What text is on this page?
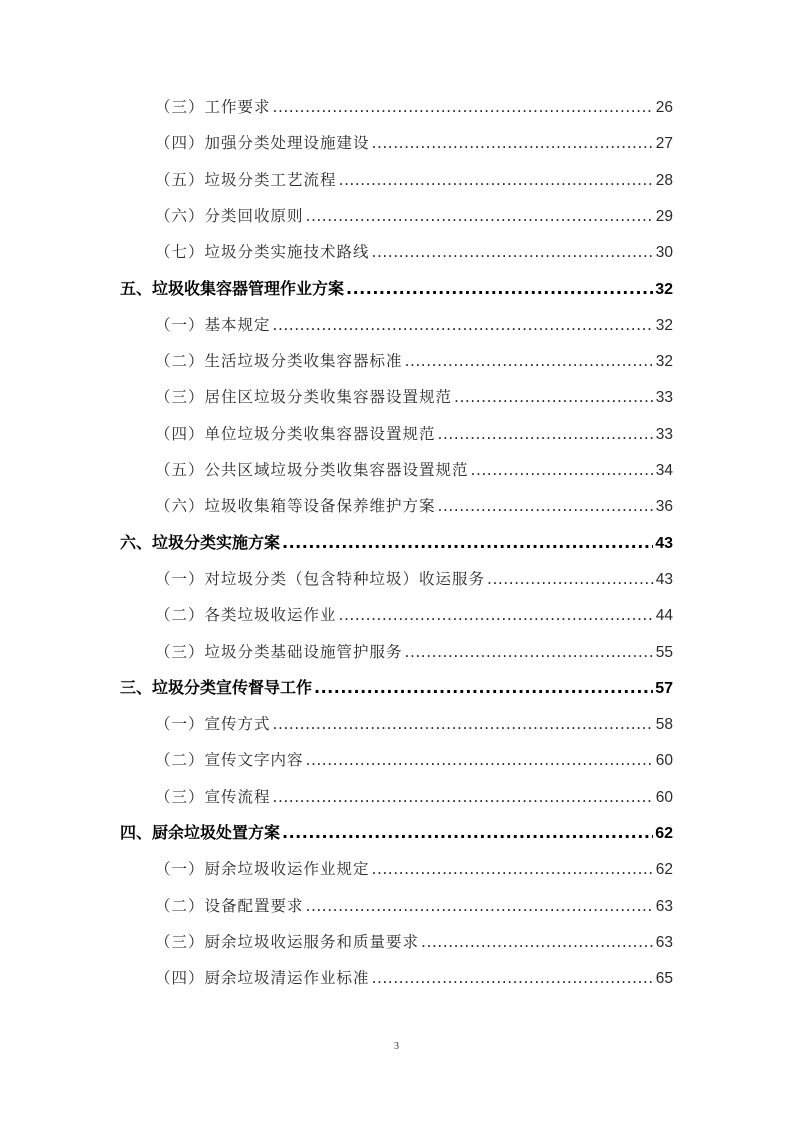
（三）工作要求 .....	26
（四）加强分类处理设施建设 .....	27
（五）垃圾分类工艺流程 .....	28
（六）分类回收原则 .....	29
（七）垃圾分类实施技术路线 .....	30
五、垃圾收集容器管理作业方案 .....	32
（一）基本规定 .....	32
（二）生活垃圾分类收集容器标准 .....	32
（三）居住区垃圾分类收集容器设置规范 .....	33
（四）单位垃圾分类收集容器设置规范 .....	33
（五）公共区域垃圾分类收集容器设置规范 .....	34
（六）垃圾收集箱等设备保养维护方案 .....	36
六、垃圾分类实施方案 .....	43
（一）对垃圾分类（包含特种垃圾）收运服务 .....	43
（二）各类垃圾收运作业 .....	44
（三）垃圾分类基础设施管护服务 .....	55
三、垃圾分类宣传督导工作 .....	57
（一）宣传方式 .....	58
（二）宣传文字内容 .....	60
（三）宣传流程 .....	60
四、厨余垃圾处置方案 .....	62
（一）厨余垃圾收运作业规定 .....	62
（二）设备配置要求 .....	63
（三）厨余垃圾收运服务和质量要求 .....	63
（四）厨余垃圾清运作业标准 .....	65
3
